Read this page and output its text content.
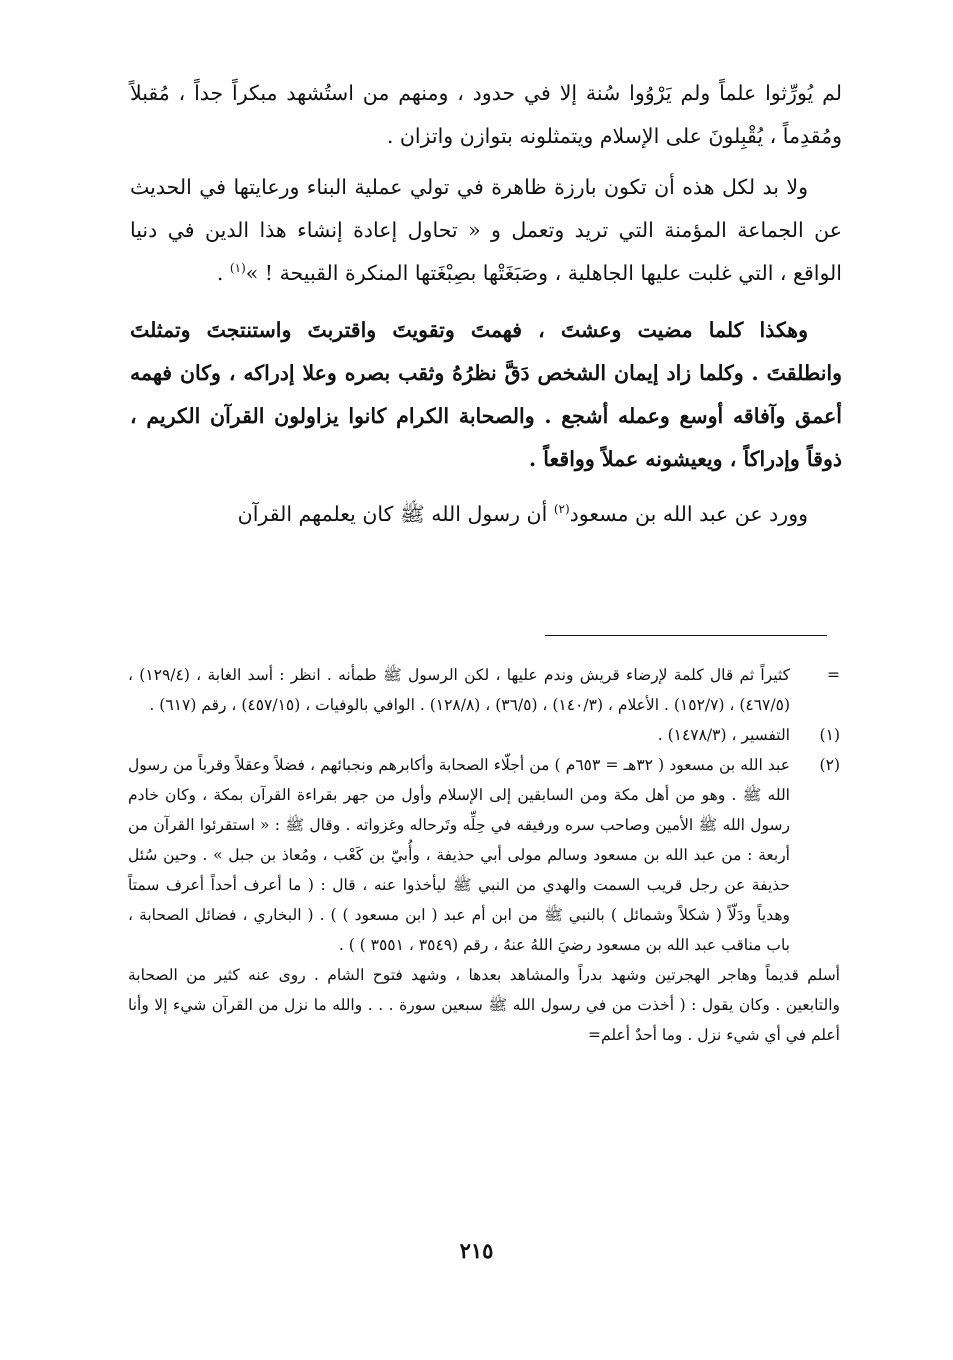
لم يُورِّثوا علماً ولم يَرْوُوا سُنة إلا في حدود ، ومنهم من استُشهد مبكراً جداً ، مُقبلاً ومُقدِماً ، يُقْبِلونَ على الإسلام ويتمثلونه بتوازن واتزان .

ولا بد لكل هذه أن تكون بارزة ظاهرة في تولي عملية البناء ورعايتها في الحديث عن الجماعة المؤمنة التي تريد وتعمل و « تحاول إعادة إنشاء هذا الدين في دنيا الواقع ، التي غلبت عليها الجاهلية ، وصَبَغَتْها بصِبْغَتها المنكرة القبيحة ! »$^{(١)}$ .

وهكذا كلما مضيت وعشتَ ، فهمتَ وتقويتَ واقتربتَ واستنتجتَ وتمثلتَ وانطلقتَ . وكلما زاد إيمان الشخص دَقَّ نظرُهُ وثقب بصره وعلا إدراكه ، وكان فهمه أعمق وآفاقه أوسع وعمله أشجع . والصحابة الكرام كانوا يزاولون القرآن الكريم ، ذوقاً وإدراكاً ، ويعيشونه عملاً وواقعاً .

وورد عن عبد الله بن مسعود$^{(٢)}$ أن رسول الله ﷺ كان يعلمهم القرآن

=

كثيراً ثم قال كلمة لإرضاء قريش وندم عليها ، لكن الرسول ﷺ طمأنه . انظر : أسد الغابة ، (١٢٩/٤) ، (٤٦٧/٥) ، (١٥٢/٧) . الأعلام ، (١٤٠/٣) ، (٣٦/٥) ، (١٢٨/٨) . الوافي بالوفيات ، (٤٥٧/١٥) ، رقم (٦١٧) .

(١)

التفسير ، (١٤٧٨/٣) .

(٢)

عبد الله بن مسعود ( ٣٢هـ = ٦٥٣م ) من أجلّاء الصحابة وأكابرهم ونجبائهم ، فضلاً وعقلاً وقرباً من رسول الله ﷺ . وهو من أهل مكة ومن السابقين إلى الإسلام وأول من جهر بقراءة القرآن بمكة ، وكان خادم رسول الله ﷺ الأمين وصاحب سره ورفيقه في حِلِّه وتَرحاله وغزواته . وقال ﷺ : « استقرئوا القرآن من أربعة : من عبد الله بن مسعود وسالم مولى أبي حذيفة ، وأُبيّ بن كَعْب ، ومُعاذ بن جبل » . وحين سُئل حذيفة عن رجل قريب السمت والهدي من النبي ﷺ ليأخذوا عنه ، قال : ( ما أعرف أحداً أعرف سمتاً وهدياً ودَلّاً ( شكلاً وشمائل ) بالنبي ﷺ من ابن أم عبد ( ابن مسعود ) ) . ( البخاري ، فضائل الصحابة ، باب مناقب عبد الله بن مسعود رضيَ اللهُ عنهُ ، رقم (٣٥٤٩ ، ٣٥٥١ ) ) .

أسلم قديماً وهاجر الهجرتين وشهد بدراً والمشاهد بعدها ، وشهد فتوح الشام . روى عنه كثير من الصحابة والتابعين . وكان يقول : ( أخذت من في رسول الله ﷺ سبعين سورة . . . والله ما نزل من القرآن شيء إلا وأنا أعلم في أي شيء نزل . وما أحدٌ أعلم=

٢١٥
